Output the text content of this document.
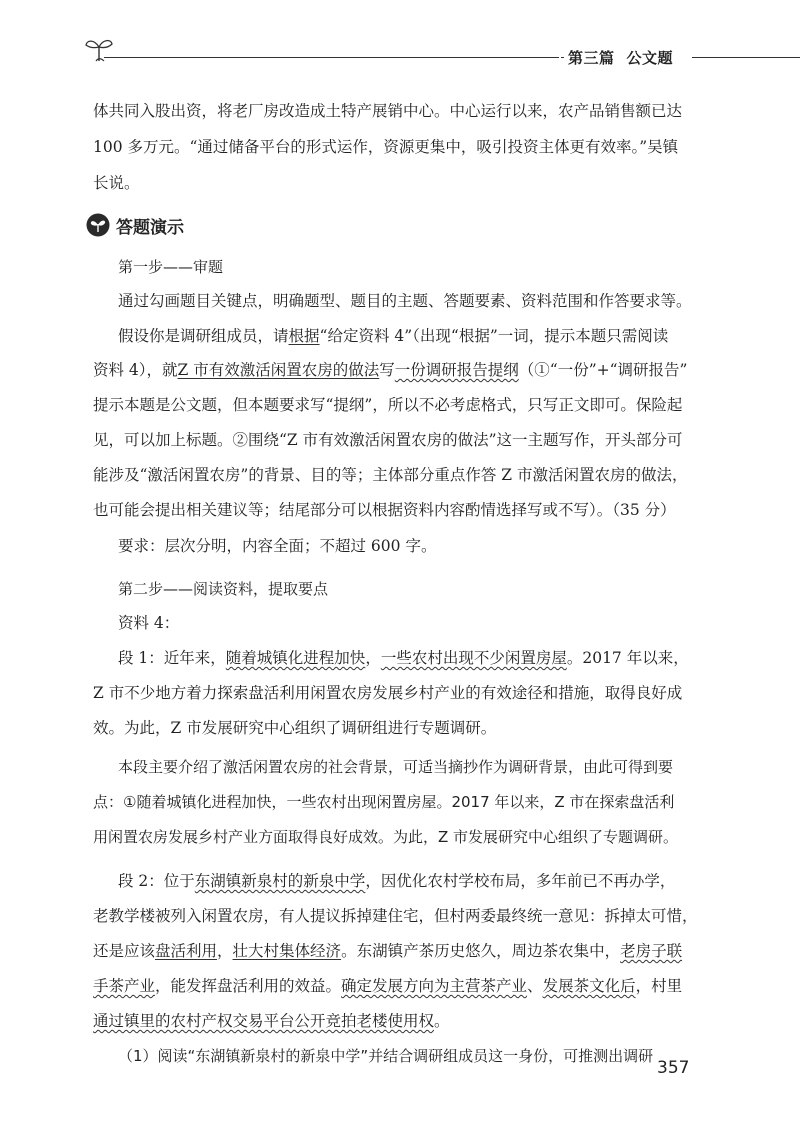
第三篇 公文题
体共同入股出资，将老厂房改造成土特产展销中心。中心运行以来，农产品销售额已达
100 多万元。“通过储备平台的形式运作，资源更集中，吸引投资主体更有效率。”吴镇
长说。
答题演示
第一步——审题
通过勾画题目关键点，明确题型、题目的主题、答题要素、资料范围和作答要求等。
假设你是调研组成员，请根据“给定资料 4”（出现“根据”一词，提示本题只需阅读
资料 4），就Z 市有效激活闲置农房的做法写一份调研报告提纲（①“一份”+“调研报告”
提示本题是公文题，但本题要求写“提纲”，所以不必考虑格式，只写正文即可。保险起
见，可以加上标题。②围绕“Z 市有效激活闲置农房的做法”这一主题写作，开头部分可
能涉及“激活闲置农房”的背景、目的等；主体部分重点作答 Z 市激活闲置农房的做法，
也可能会提出相关建议等；结尾部分可以根据资料内容酌情选择写或不写）。（35 分）
要求：层次分明，内容全面；不超过 600 字。
第二步——阅读资料，提取要点
资料 4：
段 1：近年来，随着城镇化进程加快，一些农村出现不少闲置房屋。2017 年以来，
Z 市不少地方着力探索盘活利用闲置农房发展乡村产业的有效途径和措施，取得良好成
效。为此，Z 市发展研究中心组织了调研组进行专题调研。
本段主要介绍了激活闲置农房的社会背景，可适当摘抄作为调研背景，由此可得到要
点：①随着城镇化进程加快，一些农村出现闲置房屋。2017 年以来，Z 市在探索盘活利
用闲置农房发展乡村产业方面取得良好成效。为此，Z 市发展研究中心组织了专题调研。
段 2：位于东湖镇新泉村的新泉中学，因优化农村学校布局，多年前已不再办学，
老教学楼被列入闲置农房，有人提议拆掉建住宅，但村两委最终统一意见：拆掉太可惜，
还是应该盘活利用，壮大村集体经济。东湖镇产茶历史悠久，周边茶农集中，老房子联
手茶产业，能发挥盘活利用的效益。确定发展方向为主营茶产业、发展茶文化后，村里
通过镇里的农村产权交易平台公开竞拍老楼使用权。
（1）阅读“东湖镇新泉村的新泉中学”并结合调研组成员这一身份，可推测出调研
357
